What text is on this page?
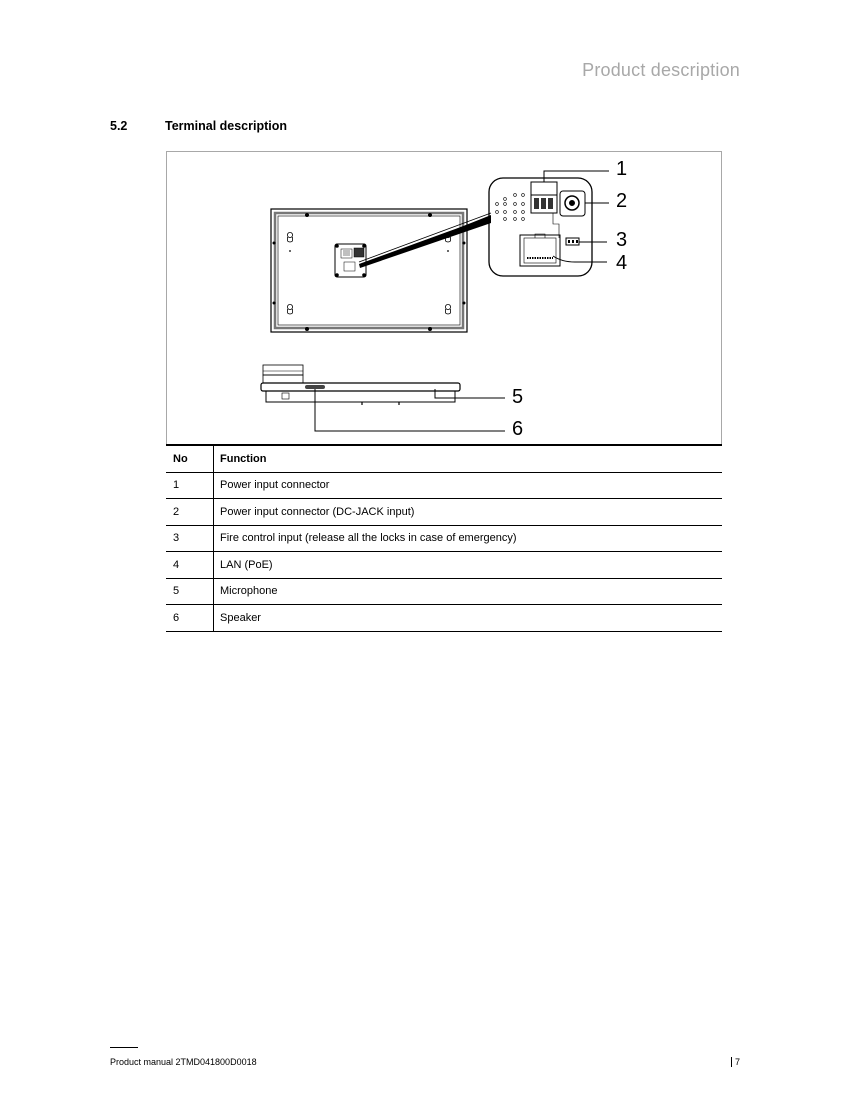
Product description
5.2	Terminal description
1
2
3
4
5
6
No	Function
1	Power input connector
2	Power input connector (DC-JACK input)
3	Fire control input (release all the locks in case of emergency)
4	LAN (PoE)
5	Microphone
6	Speaker
Product manual 2TMD041800D0018	7
